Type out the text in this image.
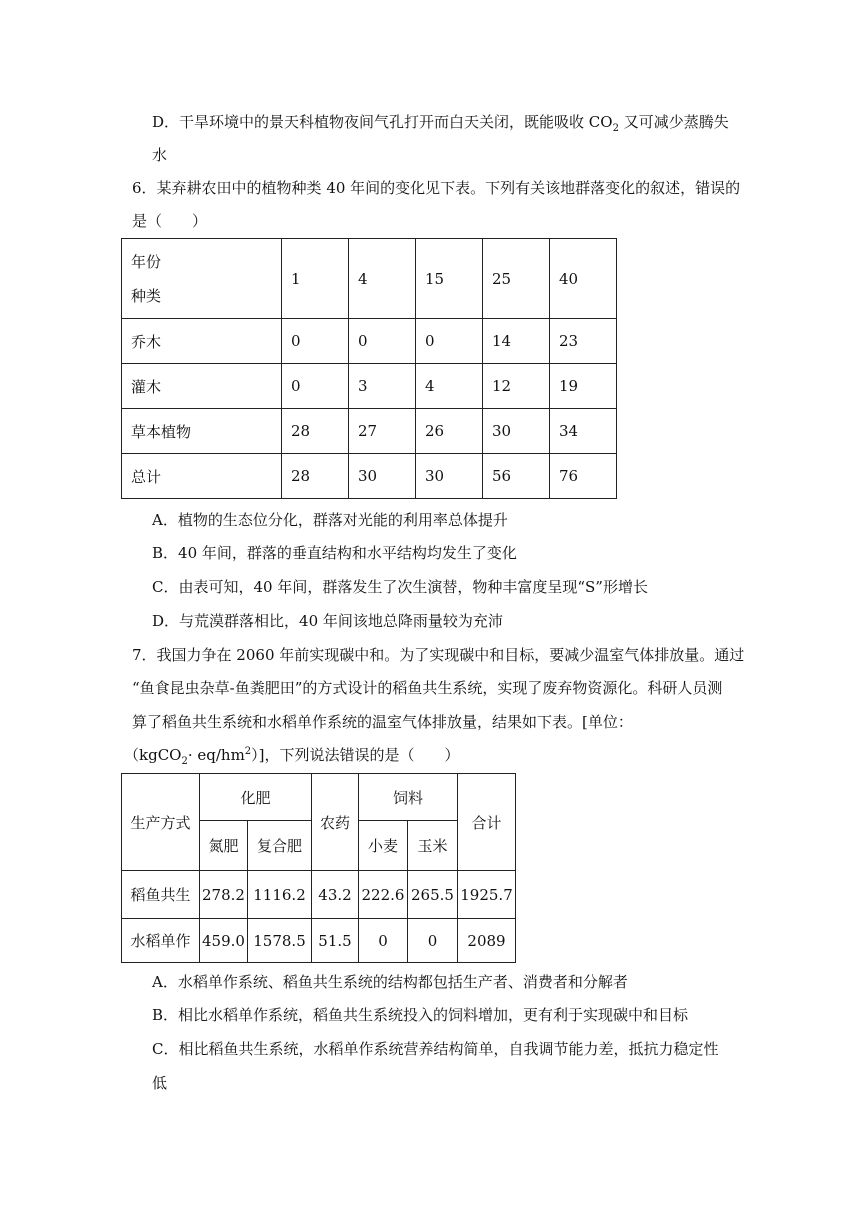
D．干旱环境中的景天科植物夜间气孔打开而白天关闭，既能吸收 $CO_2$ 又可减少蒸腾失
水
6．某弃耕农田中的植物种类 40 年间的变化见下表。下列有关该地群落变化的叙述，错误的
是（　　）
年份
种类	1	4	15	25	40
乔木	0	0	0	14	23
灌木	0	3	4	12	19
草本植物	28	27	26	30	34
总计	28	30	30	56	76
A．植物的生态位分化，群落对光能的利用率总体提升
B．40 年间，群落的垂直结构和水平结构均发生了变化
C．由表可知，40 年间，群落发生了次生演替，物种丰富度呈现“S”形增长
D．与荒漠群落相比，40 年间该地总降雨量较为充沛
7．我国力争在 2060 年前实现碳中和。为了实现碳中和目标，要减少温室气体排放量。通过
“鱼食昆虫杂草-鱼粪肥田”的方式设计的稻鱼共生系统，实现了废弃物资源化。科研人员测
算了稻鱼共生系统和水稻单作系统的温室气体排放量，结果如下表。[单位：
（kgCO$_2$· $eq/hm^2$）]，下列说法错误的是（　　）
生产方式	化肥		农药	饲料		合计
	氮肥	复合肥		小麦	玉米	
稻鱼共生	278.2	1116.2	43.2	222.6	265.5	1925.7
水稻单作	459.0	1578.5	51.5	0	0	2089
A．水稻单作系统、稻鱼共生系统的结构都包括生产者、消费者和分解者
B．相比水稻单作系统，稻鱼共生系统投入的饲料增加，更有利于实现碳中和目标
C．相比稻鱼共生系统，水稻单作系统营养结构简单，自我调节能力差，抵抗力稳定性
低
